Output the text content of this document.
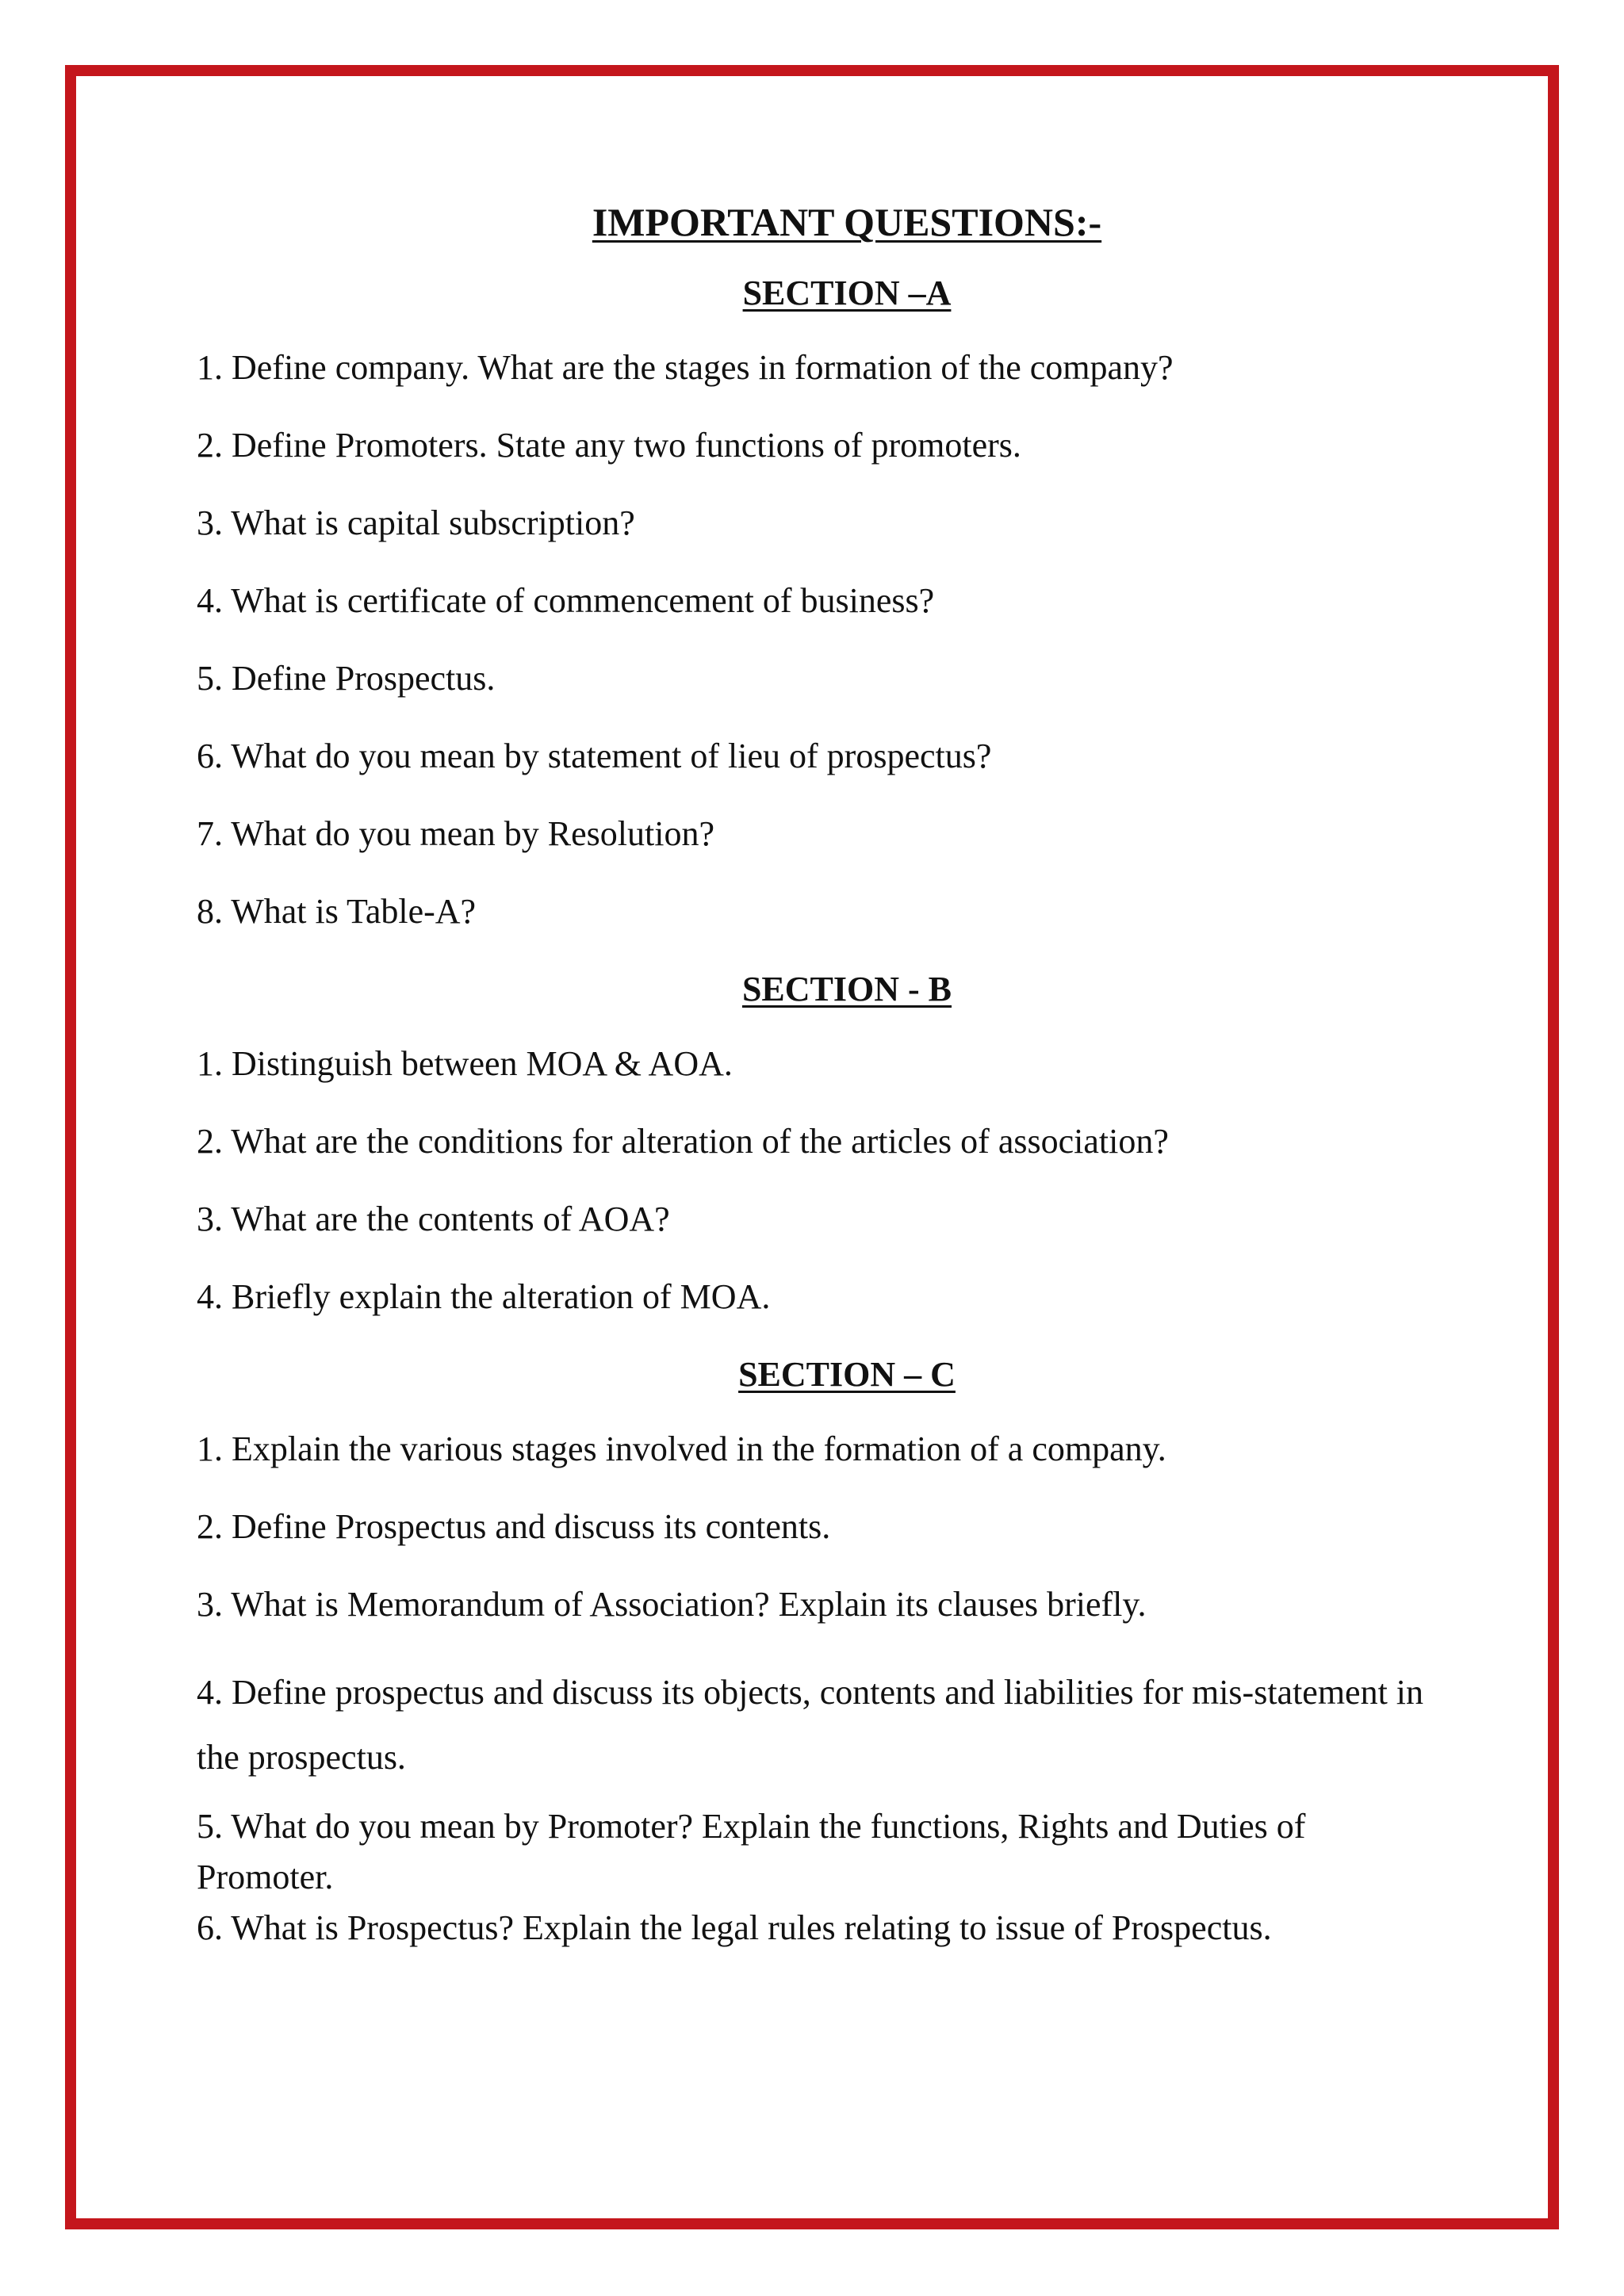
IMPORTANT QUESTIONS:-
SECTION –A
1. Define company. What are the stages in formation of the company?
2. Define Promoters. State any two functions of promoters.
3. What is capital subscription?
4. What is certificate of commencement of business?
5. Define Prospectus.
6. What do you mean by statement of lieu of prospectus?
7. What do you mean by Resolution?
8. What is Table-A?
SECTION - B
1. Distinguish between MOA & AOA.
2. What are the conditions for alteration of the articles of association?
3. What are the contents of AOA?
4. Briefly explain the alteration of MOA.
SECTION – C
1. Explain the various stages involved in the formation of a company.
2. Define Prospectus and discuss its contents.
3. What is Memorandum of Association? Explain its clauses briefly.
4. Define prospectus and discuss its objects, contents and liabilities for mis-statement in the prospectus.
5. What do you mean by Promoter? Explain the functions, Rights and Duties of Promoter.
6. What is Prospectus? Explain the legal rules relating to issue of Prospectus.
